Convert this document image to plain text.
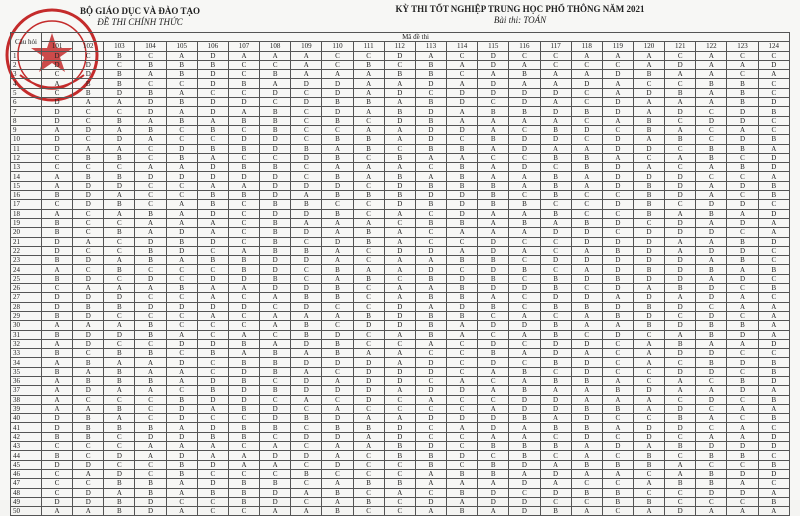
BỘ GIÁO DỤC VÀ ĐÀO TẠO
ĐỀ THI CHÍNH THỨC
KỲ THI TỐT NGHIỆP TRUNG HỌC PHỔ THÔNG NĂM 2021
Bài thi: TOÁN
Câu hỏi	Mã đề thi																							
	101	102	103	104	105	106	107	108	109	110	111	112	113	114	115	116	117	118	119	120	121	122	123	124
1	D	C	B	C	A	D	A	A	A	C	C	D	A	C	D	C	C	A	A	A	C	A	C	C
2	D	D	C	B	B	B	C	C	A	C	B	C	B	A	D	A	C	C	C	A	D	A	A	D
3	C	D	B	A	B	D	C	B	A	A	A	B	B	C	A	B	A	A	D	B	A	A	C	A
4	A	B	B	C	C	D	B	A	D	D	A	A	D	A	D	A	A	D	A	C	C	B	B	C
5	C	B	D	B	A	C	C	D	C	D	A	D	C	D	D	D	D	C	A	D	B	A	B	C
6	D	A	A	D	B	D	D	C	D	B	B	A	B	D	C	D	A	C	D	A	A	A	B	D
7	D	C	C	D	A	D	A	B	C	D	A	B	D	A	B	B	D	B	D	A	D	C	D	B
8	D	C	B	A	B	A	B	B	C	B	C	D	B	A	A	A	A	C	A	B	C	D	D	C
9	A	D	A	B	C	B	C	B	C	C	A	A	D	D	A	C	B	D	C	B	A	C	A	C
10	D	C	D	A	C	C	D	D	C	B	B	A	D	C	B	D	D	C	D	A	B	C	D	B
11	D	A	A	C	D	B	B	D	B	A	B	C	B	B	A	D	A	A	D	D	C	B	B	A
12	C	B	B	C	B	A	C	C	D	B	C	B	A	A	C	C	B	B	A	C	A	B	C	D
13	C	C	C	A	A	D	B	B	C	A	A	A	C	B	A	D	C	B	D	A	C	A	B	D
14	A	B	B	D	D	D	D	D	C	B	A	B	A	B	A	A	B	A	D	D	D	C	C	A
15	A	D	D	C	C	A	A	D	D	D	C	D	B	B	B	A	B	A	D	B	D	A	D	B
16	B	D	A	C	C	B	B	D	A	B	B	B	D	D	B	C	B	C	C	B	D	A	C	B
17	C	D	B	C	A	B	C	B	B	C	C	D	B	D	B	B	C	C	D	B	C	D	D	C
18	A	C	A	B	A	D	C	D	D	B	C	A	C	D	A	A	B	C	C	B	A	B	A	D
19	B	C	C	A	A	A	C	B	A	A	A	C	B	B	A	B	A	B	D	C	D	A	D	A
20	B	C	B	A	D	A	C	B	D	A	B	A	C	A	A	A	D	D	C	D	D	D	C	A
21	D	A	C	D	B	D	C	B	C	D	B	A	C	C	D	C	C	D	D	D	A	A	B	D
22	D	C	C	B	D	C	A	B	B	A	C	D	D	A	D	A	C	A	B	D	A	D	D	C
23	B	D	A	B	A	B	B	D	D	A	C	A	A	B	B	C	D	D	D	D	D	A	B	C
24	A	C	B	C	C	C	B	D	C	B	A	A	D	C	D	B	C	A	D	B	D	B	A	B
25	B	D	C	D	C	D	D	B	C	A	B	C	B	D	B	C	B	D	B	D	D	A	D	C
26	C	A	A	A	B	A	A	D	D	B	C	A	A	B	D	D	B	C	D	A	B	D	C	B
27	D	D	D	C	C	A	C	A	B	B	C	A	B	B	A	C	D	D	A	D	A	D	A	C
28	D	B	B	D	D	D	D	C	D	C	C	D	A	D	B	C	B	B	D	B	D	C	A	A
29	B	D	C	C	C	A	C	A	A	A	B	D	B	B	C	A	C	A	B	D	C	D	C	A
30	A	A	A	B	C	C	C	A	B	C	D	D	B	A	D	D	B	A	A	B	D	B	B	A
31	B	D	D	B	A	C	A	C	B	D	C	A	B	A	C	A	B	C	D	C	A	B	D	A
32	A	D	C	C	D	D	B	A	D	B	C	C	A	C	D	C	D	D	C	A	B	A	A	D
33	B	C	B	B	C	B	A	B	A	B	A	A	C	C	B	A	D	A	C	A	D	D	C	C
34	A	B	A	A	D	C	B	B	D	D	D	A	D	C	D	C	B	D	C	A	C	B	D	B
35	B	A	B	A	A	C	D	B	A	C	D	D	D	C	A	B	C	D	C	C	D	D	C	B
36	A	B	B	B	A	D	B	C	D	A	D	D	C	A	C	A	B	B	A	C	A	C	B	D
37	A	D	A	A	C	B	D	B	D	D	D	A	D	D	A	B	A	A	B	D	A	A	D	A
38	A	C	C	C	B	D	D	C	A	C	D	C	A	C	C	D	D	A	A	A	C	D	C	B
39	A	A	B	C	D	A	B	D	C	A	C	C	C	C	A	D	D	B	B	A	D	C	A	A
40	D	B	A	C	D	C	C	D	B	D	A	A	D	D	D	B	A	D	C	C	B	A	C	B
41	D	B	B	B	A	D	B	B	C	B	B	D	C	A	D	A	B	B	A	D	D	C	A	C
42	B	B	C	D	D	B	B	C	D	D	A	D	C	C	A	A	C	D	C	D	C	A	A	D
43	C	C	C	A	A	A	C	A	C	A	A	B	D	C	B	B	B	A	D	A	B	D	D	D
44	B	C	D	A	D	A	A	D	D	A	C	B	B	D	C	B	C	A	C	B	C	B	B	C
45	D	D	C	C	B	D	A	A	C	D	C	C	B	C	B	D	A	B	B	B	A	C	C	B
46	C	A	D	C	B	C	C	C	B	C	C	C	A	B	B	A	D	A	A	C	A	B	D	D
47	C	C	B	B	A	D	B	B	C	A	B	B	A	A	A	D	A	C	C	A	B	B	A	C
48	C	D	A	B	A	B	B	D	A	B	C	A	C	B	D	C	D	B	B	C	C	D	D	A
49	D	D	B	D	C	C	B	D	C	A	B	C	D	A	D	D	C	C	B	B	C	C	C	B
50	A	A	B	D	A	C	C	A	A	B	C	C	A	B	A	D	B	A	C	A	D	A	A	A
